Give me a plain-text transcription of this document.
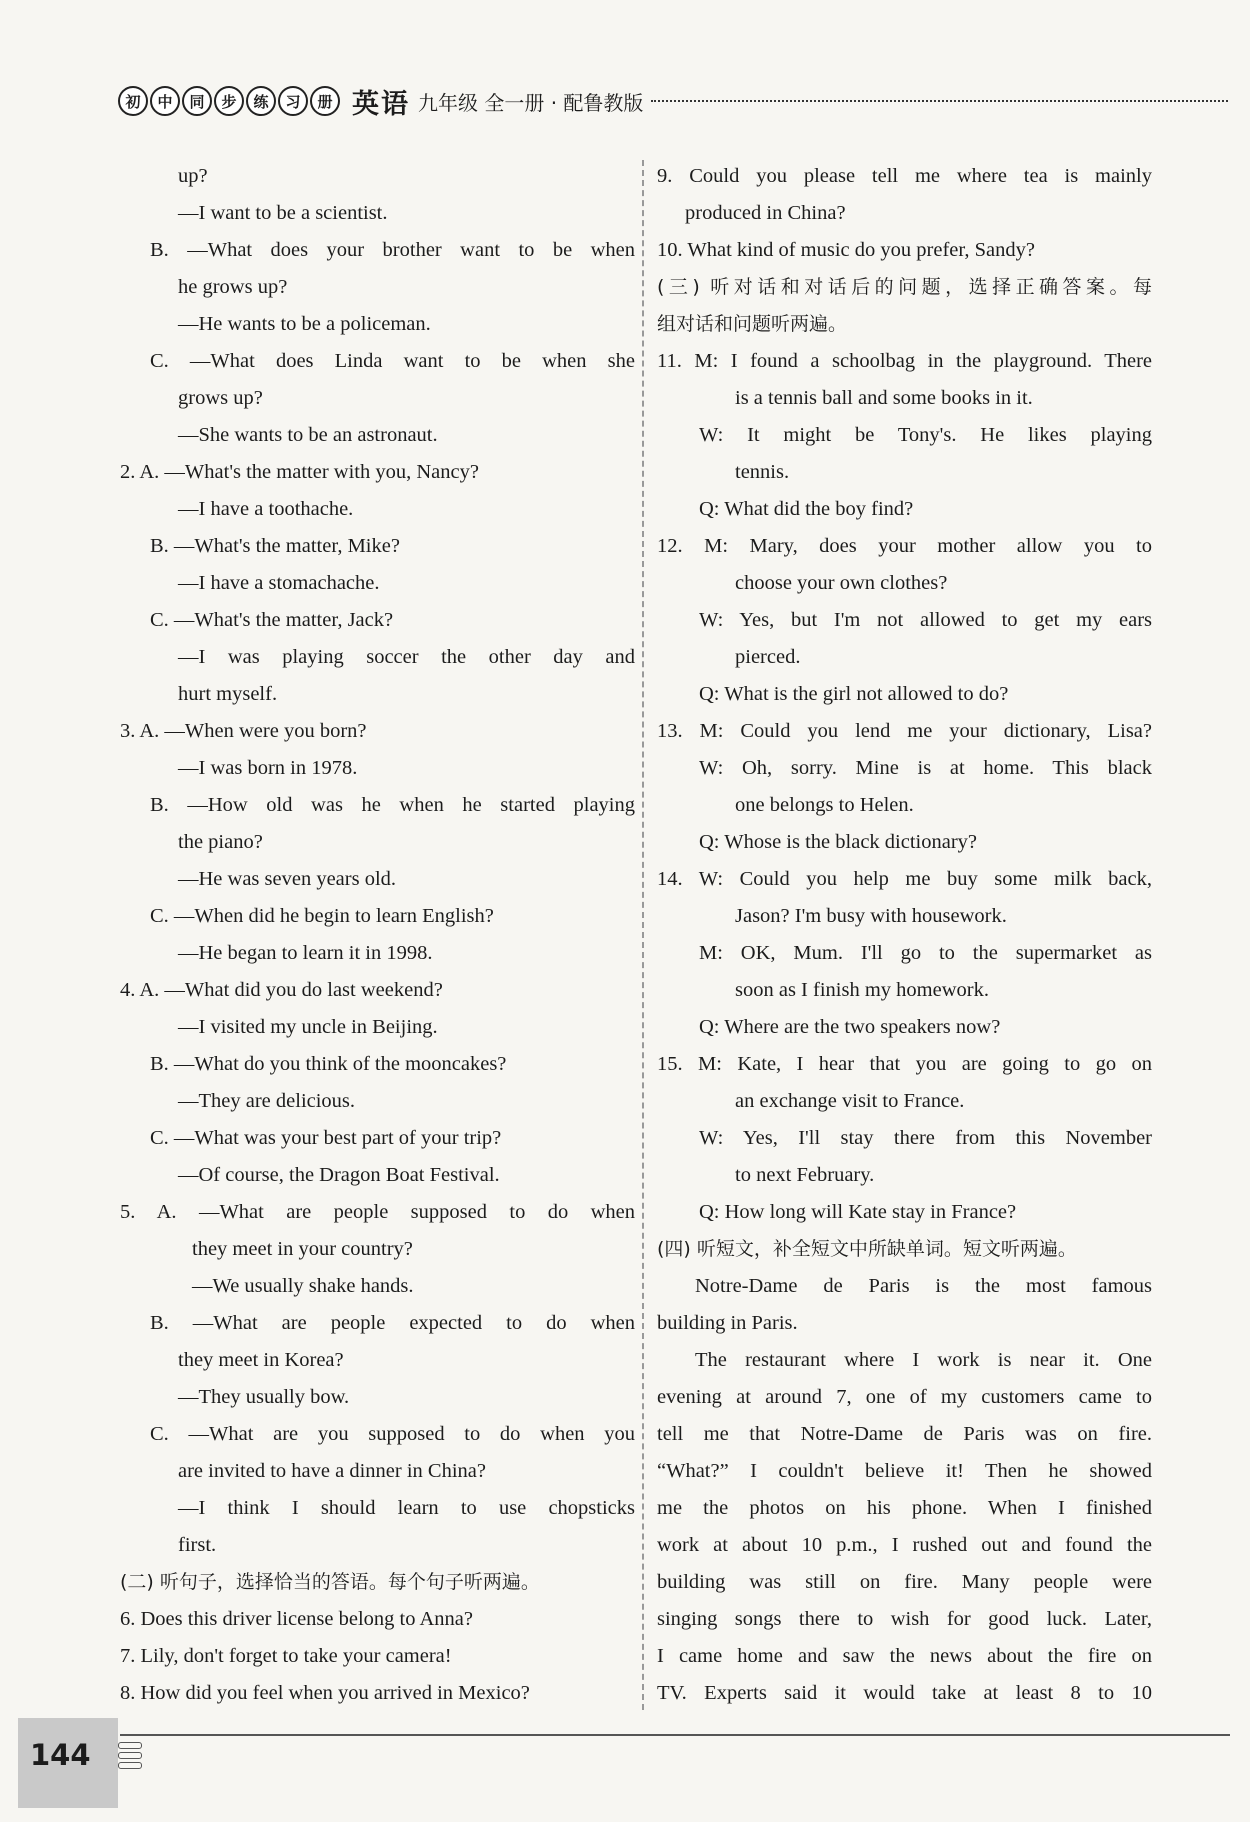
初	中	同	步	练	习	册 英语 九年级 全一册 · 配鲁教版
up?
—I want to be a scientist.
B. —What does your brother want to be when
he grows up?
—He wants to be a policeman.
C. —What does Linda want to be when she
grows up?
—She wants to be an astronaut.
2. A. —What's the matter with you, Nancy?
—I have a toothache.
B. —What's the matter, Mike?
—I have a stomachache.
C. —What's the matter, Jack?
—I was playing soccer the other day and
hurt myself.
3. A. —When were you born?
—I was born in 1978.
B. —How old was he when he started playing
the piano?
—He was seven years old.
C. —When did he begin to learn English?
—He began to learn it in 1998.
4. A. —What did you do last weekend?
—I visited my uncle in Beijing.
B. —What do you think of the mooncakes?
—They are delicious.
C. —What was your best part of your trip?
—Of course, the Dragon Boat Festival.
5. A. —What are people supposed to do when
they meet in your country?
—We usually shake hands.
B. —What are people expected to do when
they meet in Korea?
—They usually bow.
C. —What are you supposed to do when you
are invited to have a dinner in China?
—I think I should learn to use chopsticks
first.
(二) 听句子，选择恰当的答语。每个句子听两遍。
6. Does this driver license belong to Anna?
7. Lily, don't forget to take your camera!
8. How did you feel when you arrived in Mexico?
9. Could you please tell me where tea is mainly
produced in China?
10. What kind of music do you prefer, Sandy?
(三) 听对话和对话后的问题，选择正确答案。每
组对话和问题听两遍。
11. M: I found a schoolbag in the playground. There
is a tennis ball and some books in it.
W: It might be Tony's. He likes playing
tennis.
Q: What did the boy find?
12. M: Mary, does your mother allow you to
choose your own clothes?
W: Yes, but I'm not allowed to get my ears
pierced.
Q: What is the girl not allowed to do?
13. M: Could you lend me your dictionary, Lisa?
W: Oh, sorry. Mine is at home. This black
one belongs to Helen.
Q: Whose is the black dictionary?
14. W: Could you help me buy some milk back,
Jason? I'm busy with housework.
M: OK, Mum. I'll go to the supermarket as
soon as I finish my homework.
Q: Where are the two speakers now?
15. M: Kate, I hear that you are going to go on
an exchange visit to France.
W: Yes, I'll stay there from this November
to next February.
Q: How long will Kate stay in France?
(四) 听短文，补全短文中所缺单词。短文听两遍。
Notre-Dame de Paris is the most famous
building in Paris.
The restaurant where I work is near it. One
evening at around 7, one of my customers came to
tell me that Notre-Dame de Paris was on fire.
“What?” I couldn't believe it! Then he showed
me the photos on his phone. When I finished
work at about 10 p.m., I rushed out and found the
building was still on fire. Many people were
singing songs there to wish for good luck. Later,
I came home and saw the news about the fire on
TV. Experts said it would take at least 8 to 10
144
